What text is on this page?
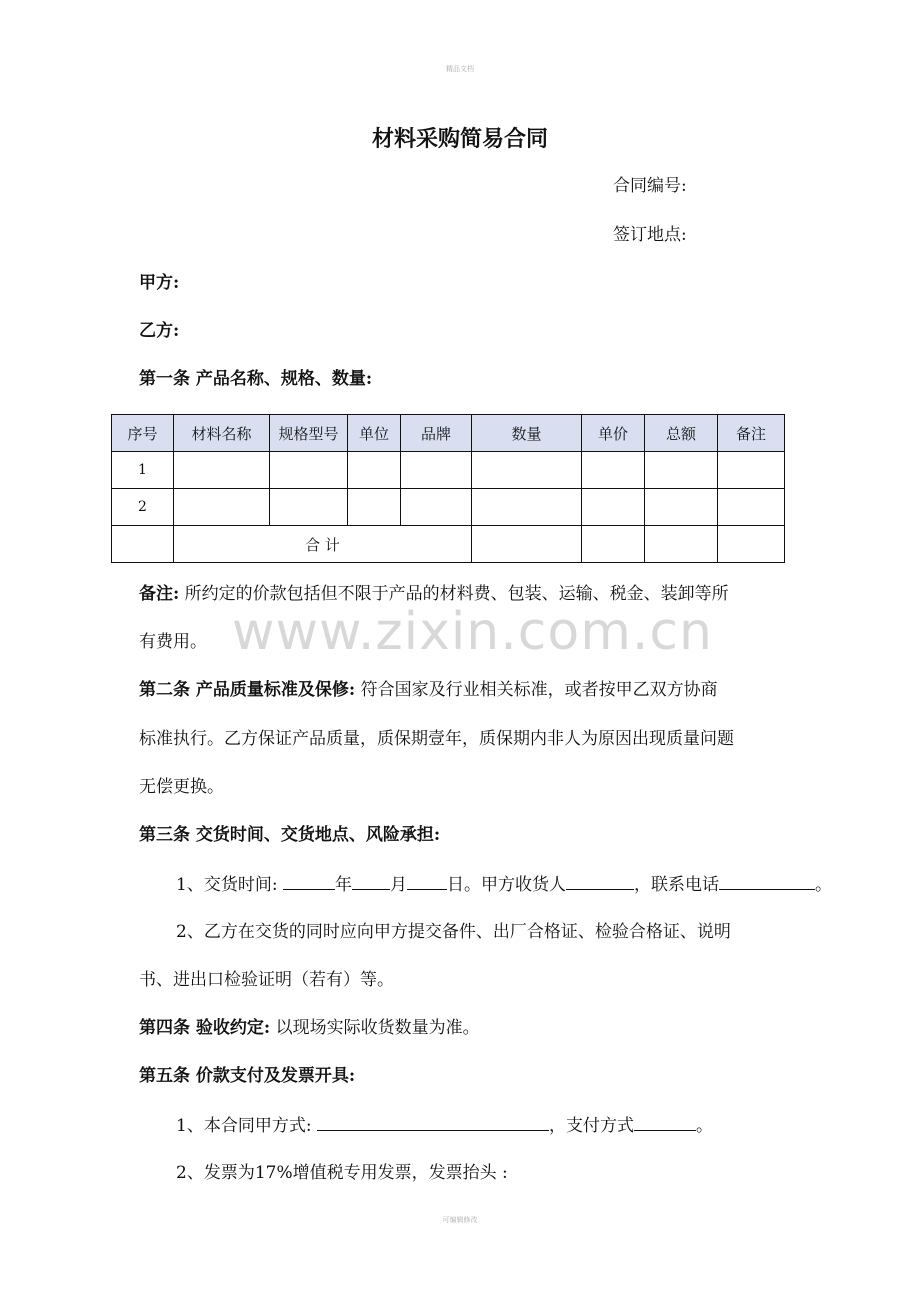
精品文档
材料采购简易合同
合同编号:
签订地点:
甲方:
乙方:
第一条 产品名称、规格、数量:
序号	材料名称	规格型号	单位	品牌	数量	单价	总额	备注
1								
2								
	合 计							
备注: 所约定的价款包括但不限于产品的材料费、包装、运输、税金、装卸等所
有费用。 www.zixin.com.cn
第二条 产品质量标准及保修: 符合国家及行业相关标准，或者按甲乙双方协商
标准执行。乙方保证产品质量，质保期壹年，质保期内非人为原因出现质量问题
无偿更换。
第三条 交货时间、交货地点、风险承担:
1、交货时间:	年 月 日。甲方收货人	，联系电话	。
2、乙方在交货的同时应向甲方提交备件、出厂合格证、检验合格证、说明
书、进出口检验证明（若有）等。
第四条 验收约定: 以现场实际收货数量为准。
第五条 价款支付及发票开具:
1、本合同甲方式:	，支付方式	。
2、发票为17%增值税专用发票，发票抬头 :
可编辑修改
